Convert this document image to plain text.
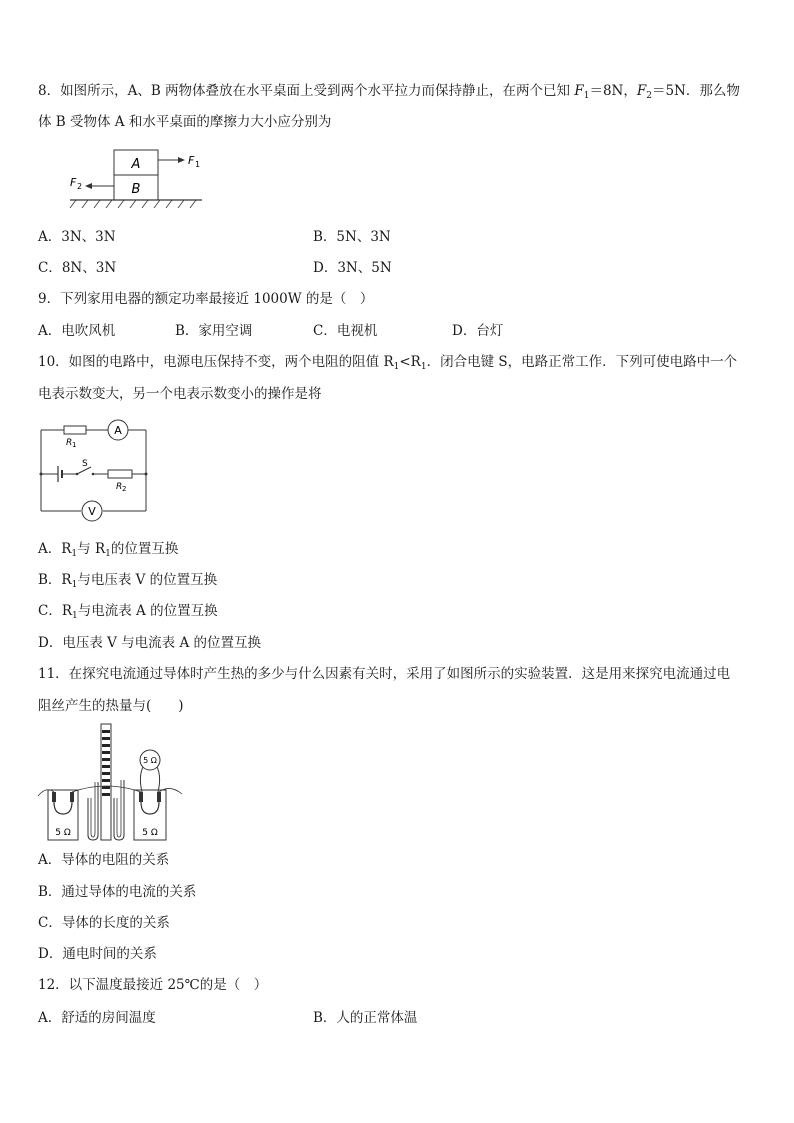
8．如图所示，A、B 两物体叠放在水平桌面上受到两个水平拉力而保持静止，在两个已知 $F_1=8N$，$F_2=5N$．那么物
体 B 受物体 A 和水平桌面的摩擦力大小应分别为
A
B
F 1
F 2
A．3N、3N	B．5N、3N
C．8N、3N	D．3N、5N
9．下列家用电器的额定功率最接近 1000W 的是（　）
A．电吹风机	B．家用空调	C．电视机	D．台灯
10．如图的电路中，电源电压保持不变，两个电阻的阻值 $R_1<R_1$．闭合电键 S，电路正常工作．下列可使电路中一个
电表示数变大，另一个电表示数变小的操作是将
R 1
A
S
R 2
V
A．$R_1$与 $R_1$的位置互换
B．$R_1$与电压表 V 的位置互换
C．$R_1$与电流表 A 的位置互换
D．电压表 V 与电流表 A 的位置互换
11．在探究电流通过导体时产生热的多少与什么因素有关时，采用了如图所示的实验装置．这是用来探究电流通过电
阻丝产生的热量与(　　)
5 Ω	5 Ω
5 Ω
A．导体的电阻的关系
B．通过导体的电流的关系
C．导体的长度的关系
D．通电时间的关系
12．以下温度最接近 25℃的是（　）
A．舒适的房间温度	B．人的正常体温
